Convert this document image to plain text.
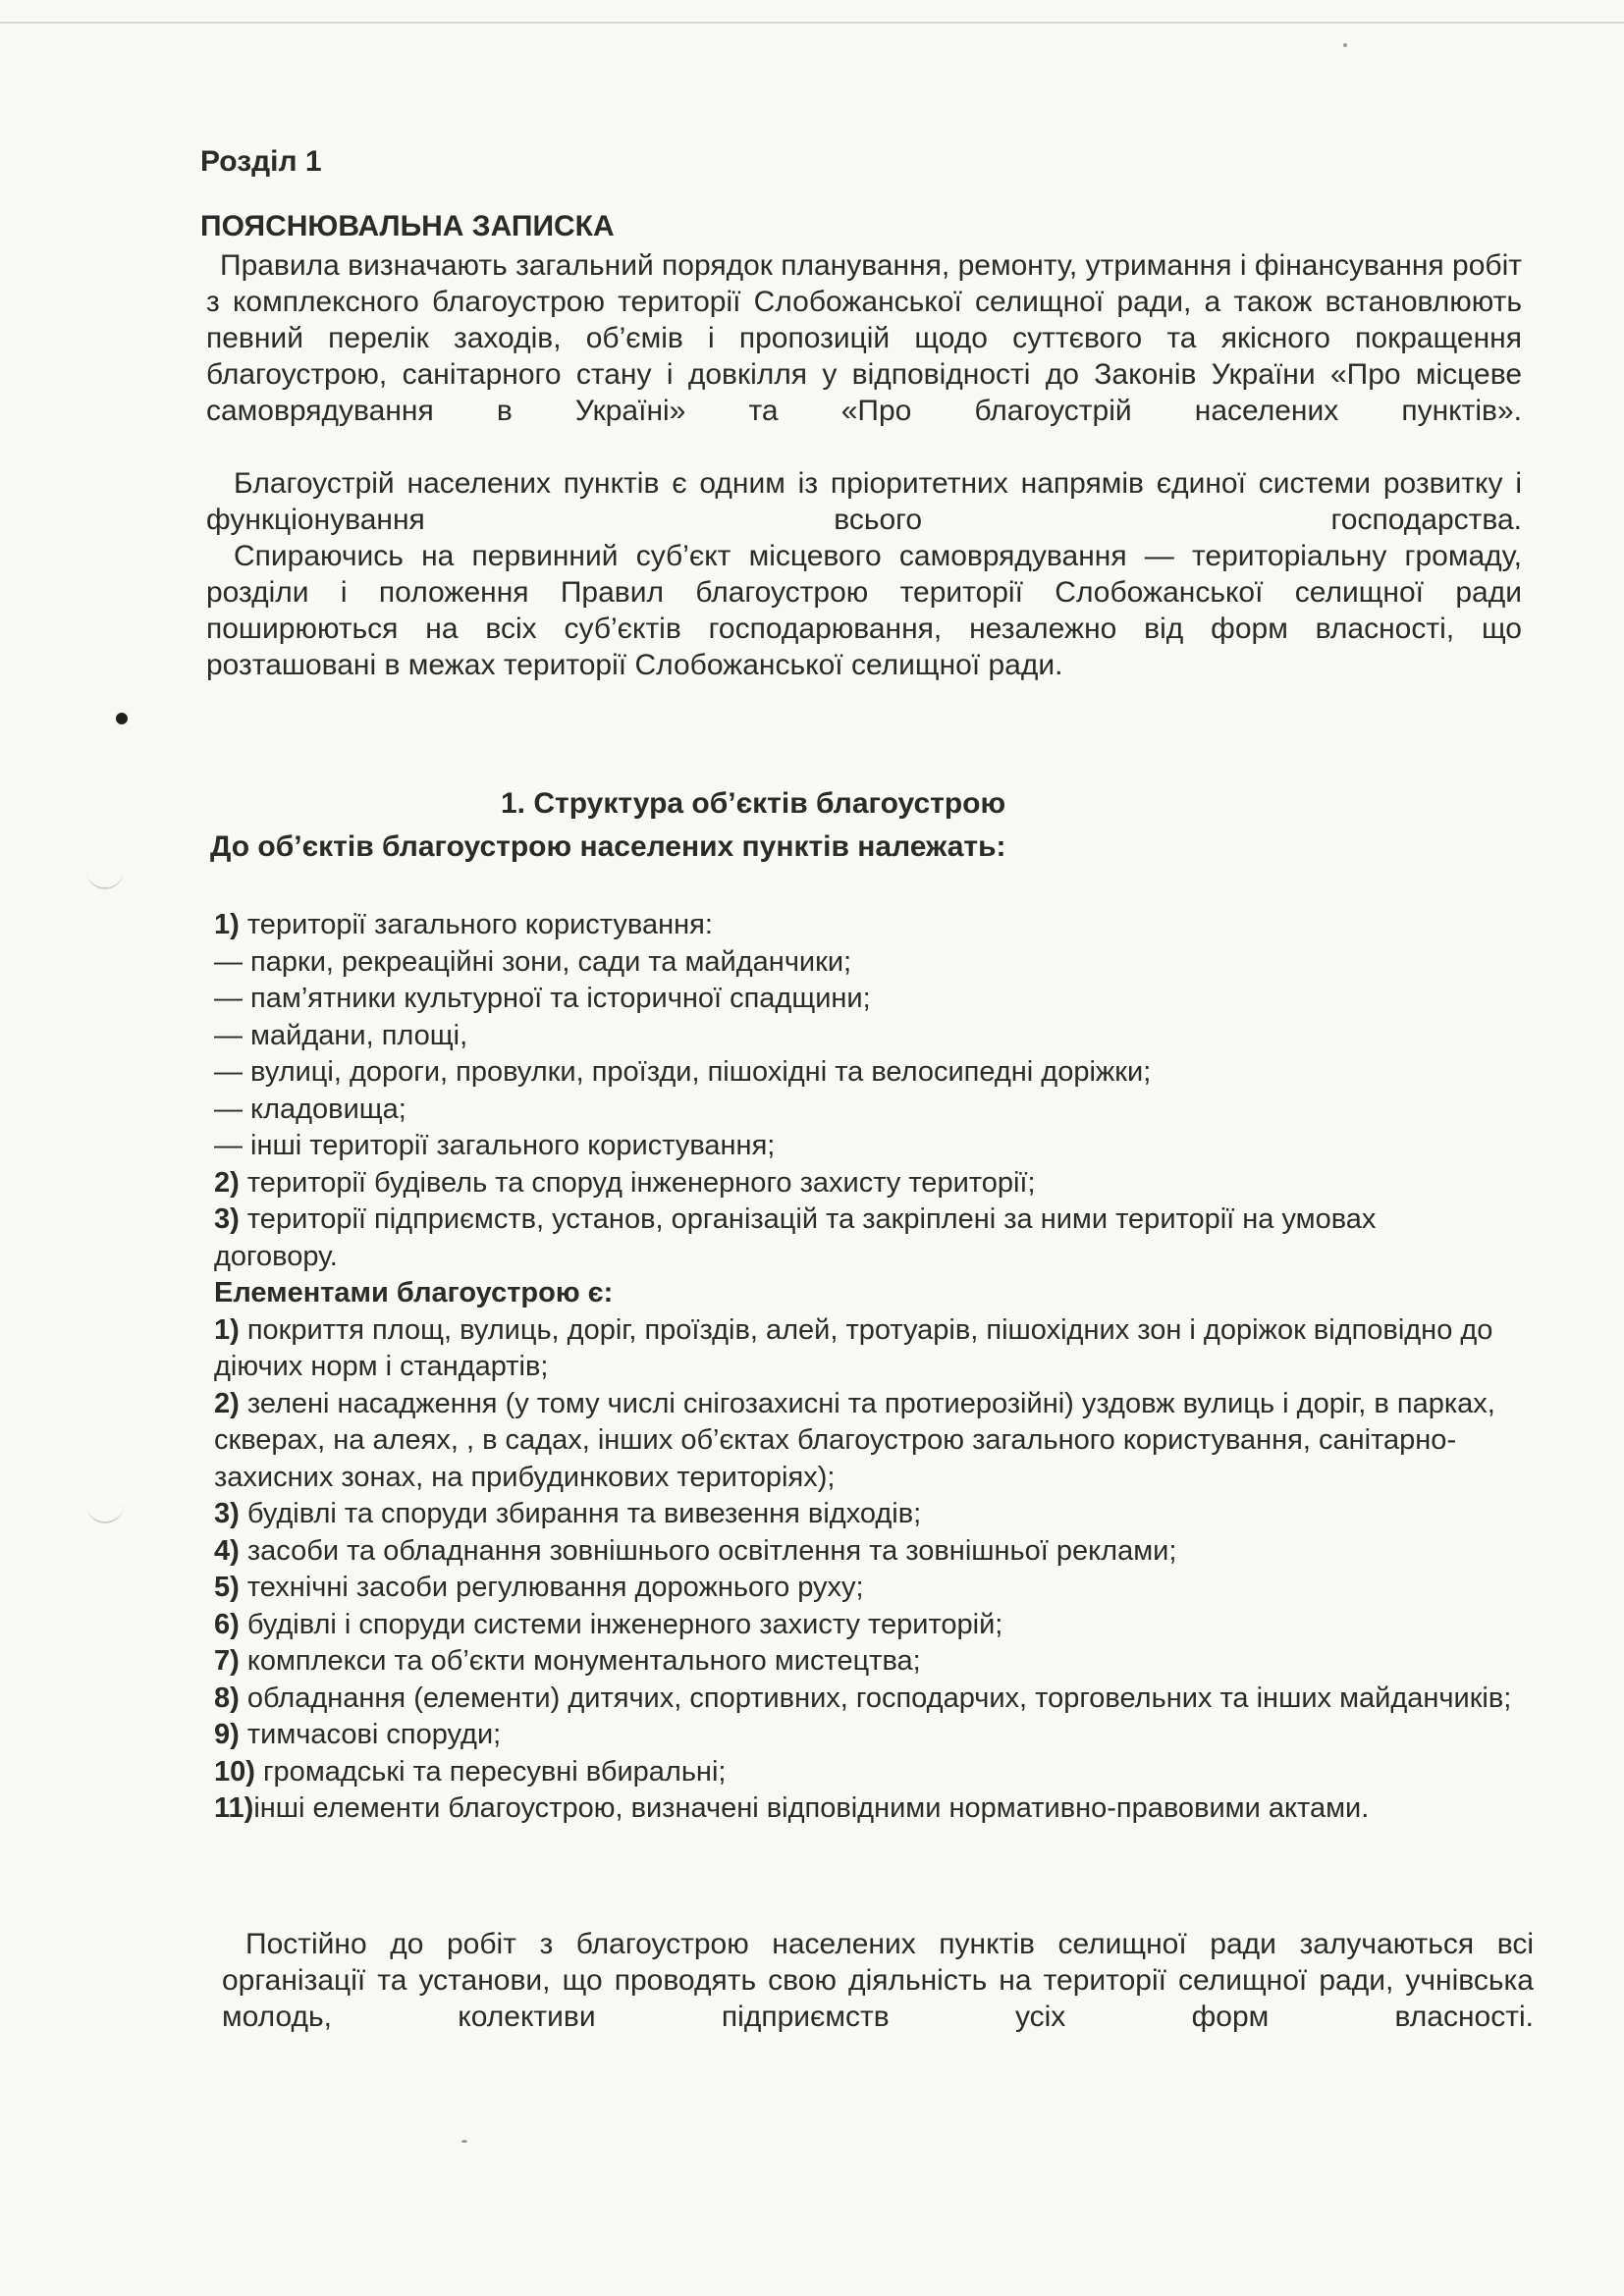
Розділ 1
ПОЯСНЮВАЛЬНА ЗАПИСКА
Правила визначають загальний порядок планування, ремонту, утримання і фінансування робіт з комплексного благоустрою території Слобожанської селищної ради, а також встановлюють певний перелік заходів, об’ємів і пропозицій щодо суттєвого та якісного покращення благоустрою, санітарного стану і довкілля у відповідності до Законів України «Про місцеве самоврядування в Україні» та «Про благоустрій населених пунктів».
Благоустрій населених пунктів є одним із пріоритетних напрямів єдиної системи розвитку і функціонування всього господарства.
Спираючись на первинний суб’єкт місцевого самоврядування — територіальну громаду, розділи і положення Правил благоустрою території Слобожанської селищної ради поширюються на всіх суб’єктів господарювання, незалежно від форм власності, що розташовані в межах території Слобожанської селищної ради.
1. Структура об’єктів благоустрою
До об’єктів благоустрою населених пунктів належать:
1) території загального користування:
— парки, рекреаційні зони, сади та майданчики;
— пам’ятники культурної та історичної спадщини;
— майдани, площі,
— вулиці, дороги, провулки, проїзди, пішохідні та велосипедні доріжки;
— кладовища;
— інші території загального користування;
2) території будівель та споруд інженерного захисту території;
3) території підприємств, установ, організацій та закріплені за ними території на умовах договору.
Елементами благоустрою є:
1) покриття площ, вулиць, доріг, проїздів, алей, тротуарів, пішохідних зон і доріжок відповідно до діючих норм і стандартів;
2) зелені насадження (у тому числі снігозахисні та протиерозійні) уздовж вулиць і доріг, в парках, скверах, на алеях, , в садах, інших об’єктах благоустрою загального користування, санітарно-захисних зонах, на прибудинкових територіях);
3) будівлі та споруди збирання та вивезення відходів;
4) засоби та обладнання зовнішнього освітлення та зовнішньої реклами;
5) технічні засоби регулювання дорожнього руху;
6) будівлі і споруди системи інженерного захисту територій;
7) комплекси та об’єкти монументального мистецтва;
8) обладнання (елементи) дитячих, спортивних, господарчих, торговельних та інших майданчиків;
9) тимчасові споруди;
10) громадські та пересувні вбиральні;
11)інші елементи благоустрою, визначені відповідними нормативно-правовими актами.
Постійно до робіт з благоустрою населених пунктів селищної ради залучаються всі організації та установи, що проводять свою діяльність на території селищної ради, учнівська молодь, колективи підприємств усіх форм власності.
